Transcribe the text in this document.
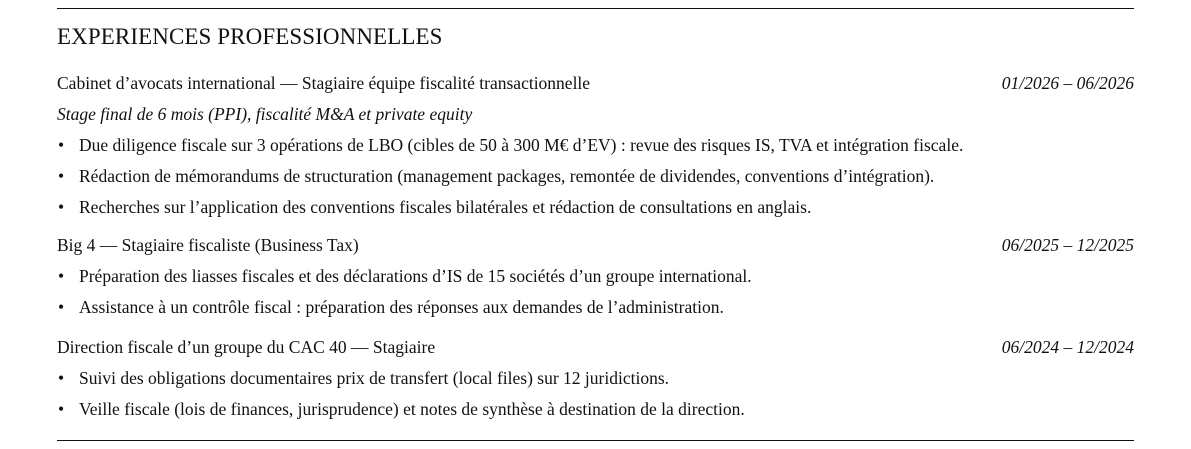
EXPERIENCES PROFESSIONNELLES
Cabinet d’avocats international — Stagiaire équipe fiscalité transactionnelle	01/2026 – 06/2026
Stage final de 6 mois (PPI), fiscalité M&A et private equity
• Due diligence fiscale sur 3 opérations de LBO (cibles de 50 à 300 M€ d’EV) : revue des risques IS, TVA et intégration fiscale.
• Rédaction de mémorandums de structuration (management packages, remontée de dividendes, conventions d’intégration).
• Recherches sur l’application des conventions fiscales bilatérales et rédaction de consultations en anglais.
Big 4 — Stagiaire fiscaliste (Business Tax)	06/2025 – 12/2025
• Préparation des liasses fiscales et des déclarations d’IS de 15 sociétés d’un groupe international.
• Assistance à un contrôle fiscal : préparation des réponses aux demandes de l’administration.
Direction fiscale d’un groupe du CAC 40 — Stagiaire	06/2024 – 12/2024
• Suivi des obligations documentaires prix de transfert (local files) sur 12 juridictions.
• Veille fiscale (lois de finances, jurisprudence) et notes de synthèse à destination de la direction.
